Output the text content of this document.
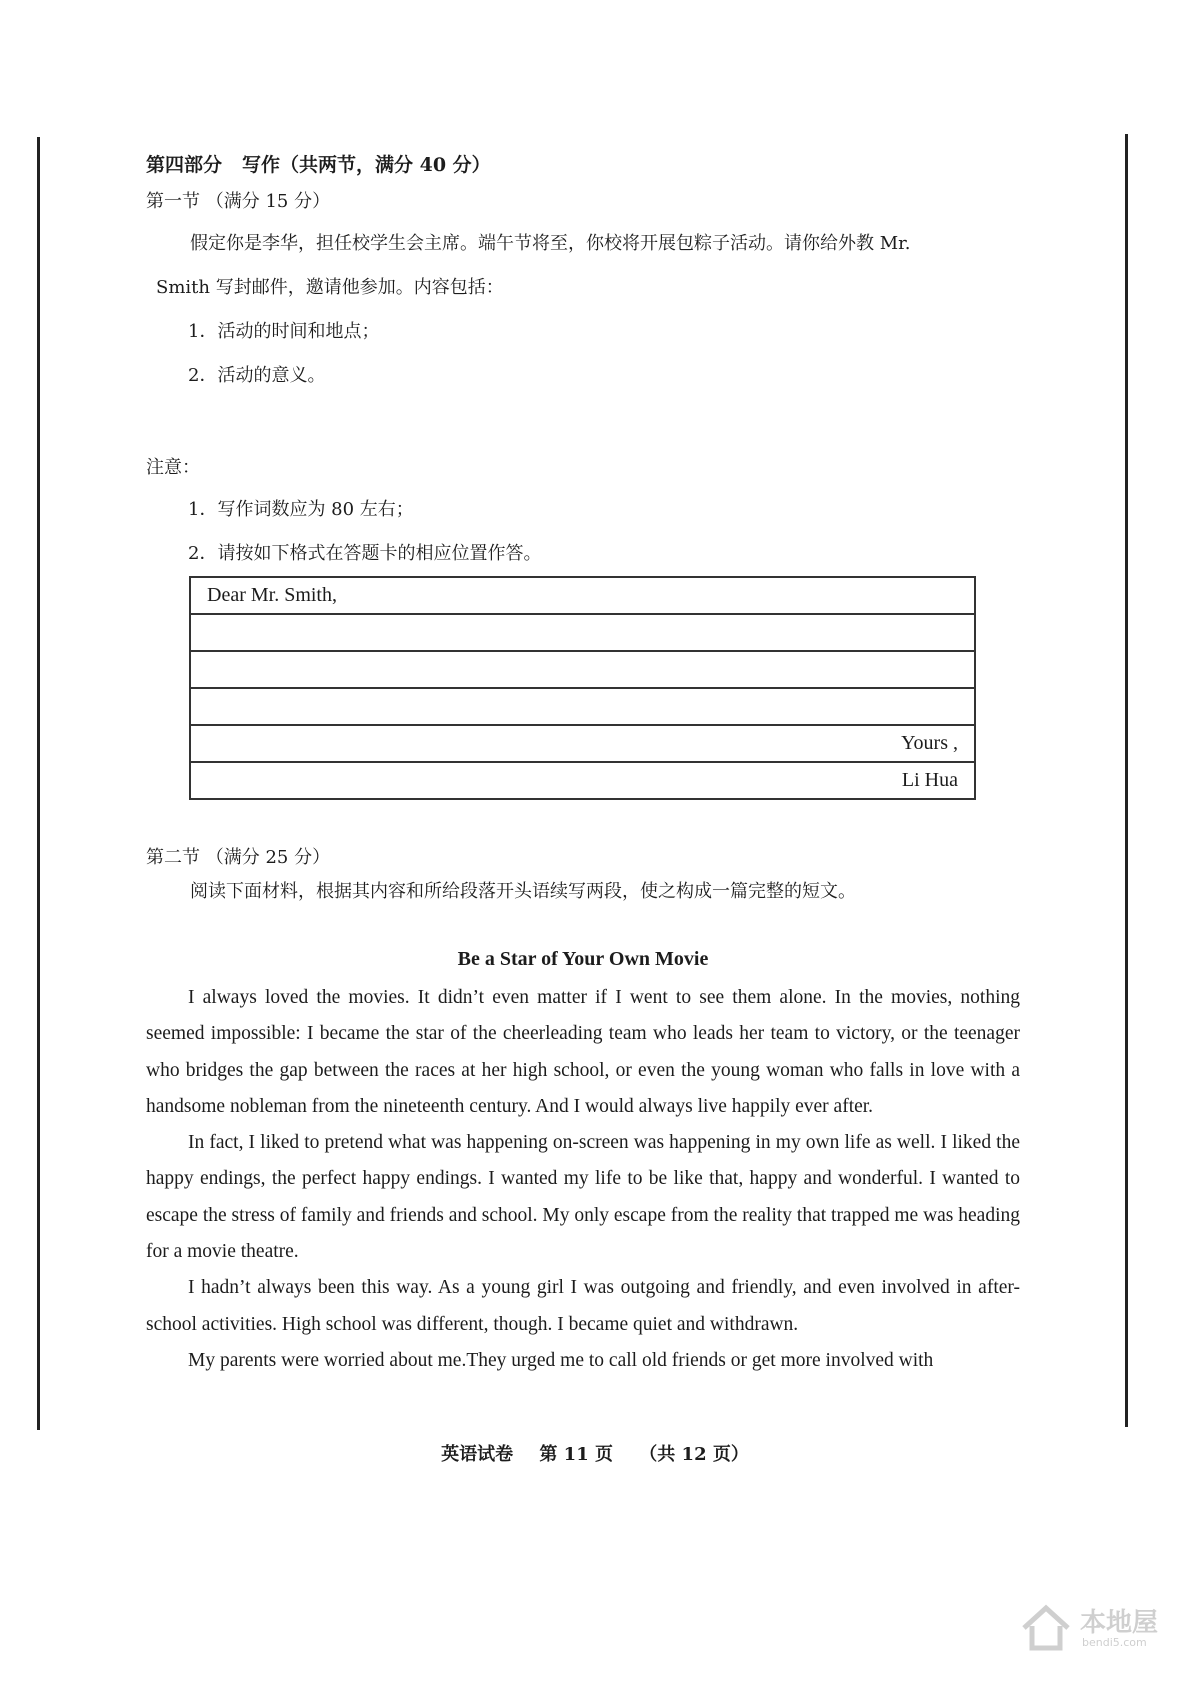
第四部分 写作（共两节，满分 40 分）

第一节 （满分 15 分）

假定你是李华，担任校学生会主席。端午节将至，你校将开展包粽子活动。请你给外教 Mr.

Smith 写封邮件，邀请他参加。内容包括：

1．活动的时间和地点；

2．活动的意义。

注意：

1．写作词数应为 80 左右；

2．请按如下格式在答题卡的相应位置作答。

Dear Mr. Smith,

Yours ,
Li Hua

第二节 （满分 25 分）

阅读下面材料，根据其内容和所给段落开头语续写两段，使之构成一篇完整的短文。

Be a Star of Your Own Movie

I always loved the movies. It didn’t even matter if I went to see them alone. In the movies, nothing seemed impossible: I became the star of the cheerleading team who leads her team to victory, or the teenager who bridges the gap between the races at her high school, or even the young woman who falls in love with a handsome nobleman from the nineteenth century. And I would always live happily ever after.

In fact, I liked to pretend what was happening on-screen was happening in my own life as well. I liked the happy endings, the perfect happy endings. I wanted my life to be like that, happy and wonderful. I wanted to escape the stress of family and friends and school. My only escape from the reality that trapped me was heading for a movie theatre.

I hadn’t always been this way. As a young girl I was outgoing and friendly, and even involved in after-school activities. High school was different, though. I became quiet and withdrawn.

My parents were worried about me.They urged me to call old friends or get more involved with

英语试卷 第 11 页 （共 12 页）
本地屋
bendi5.com
